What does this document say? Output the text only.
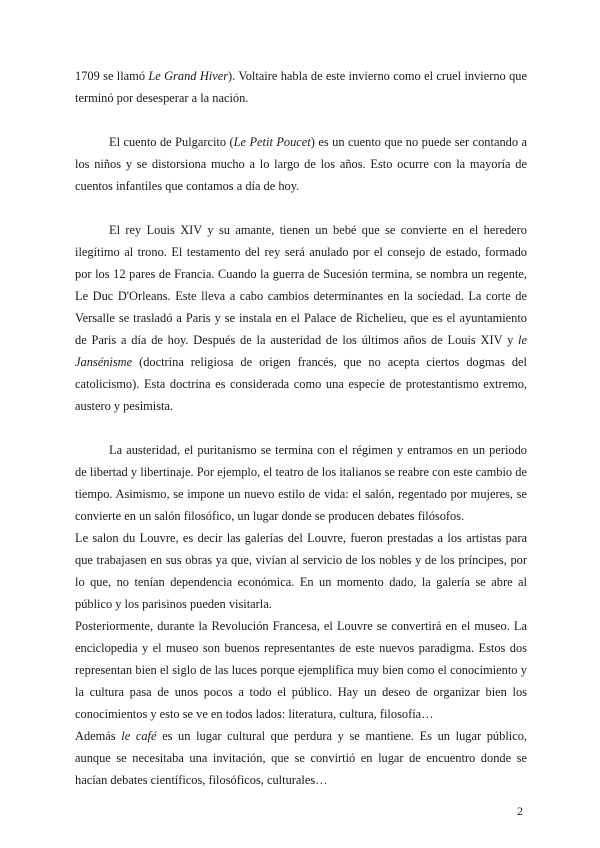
1709 se llamó Le Grand Hiver). Voltaire habla de este invierno como el cruel invierno que terminó por desesperar a la nación.

El cuento de Pulgarcito (Le Petit Poucet) es un cuento que no puede ser contando a los niños y se distorsiona mucho a lo largo de los años. Esto ocurre con la mayoría de cuentos infantiles que contamos a día de hoy.

El rey Louis XIV y su amante, tienen un bebé que se convierte en el heredero ilegítimo al trono. El testamento del rey será anulado por el consejo de estado, formado por los 12 pares de Francia. Cuando la guerra de Sucesión termina, se nombra un regente, Le Duc D'Orleans. Este lleva a cabo cambios determinantes en la sociedad. La corte de Versalle se trasladó a Paris y se instala en el Palace de Richelieu, que es el ayuntamiento de Paris a día de hoy. Después de la austeridad de los últimos años de Louis XIV y le Jansénisme (doctrina religiosa de origen francés, que no acepta ciertos dogmas del catolicismo). Esta doctrina es considerada como una especie de protestantismo extremo, austero y pesimista.

La austeridad, el puritanismo se termina con el régimen y entramos en un periodo de libertad y libertinaje. Por ejemplo, el teatro de los italianos se reabre con este cambio de tiempo. Asimismo, se impone un nuevo estilo de vida: el salón, regentado por mujeres, se convierte en un salón filosófico, un lugar donde se producen debates filósofos.

Le salon du Louvre, es decir las galerías del Louvre, fueron prestadas a los artistas para que trabajasen en sus obras ya que, vivían al servicio de los nobles y de los príncipes, por lo que, no tenían dependencia económica. En un momento dado, la galería se abre al público y los parisinos pueden visitarla.

Posteriormente, durante la Revolución Francesa, el Louvre se convertirá en el museo. La enciclopedia y el museo son buenos representantes de este nuevos paradigma. Estos dos representan bien el siglo de las luces porque ejemplifica muy bien como el conocimiento y la cultura pasa de unos pocos a todo el público. Hay un deseo de organizar bien los conocimientos y esto se ve en todos lados: literatura, cultura, filosofía…

Además le café es un lugar cultural que perdura y se mantiene. Es un lugar público, aunque se necesitaba una invitación, que se convirtió en lugar de encuentro donde se hacían debates científicos, filosóficos, culturales…

2
